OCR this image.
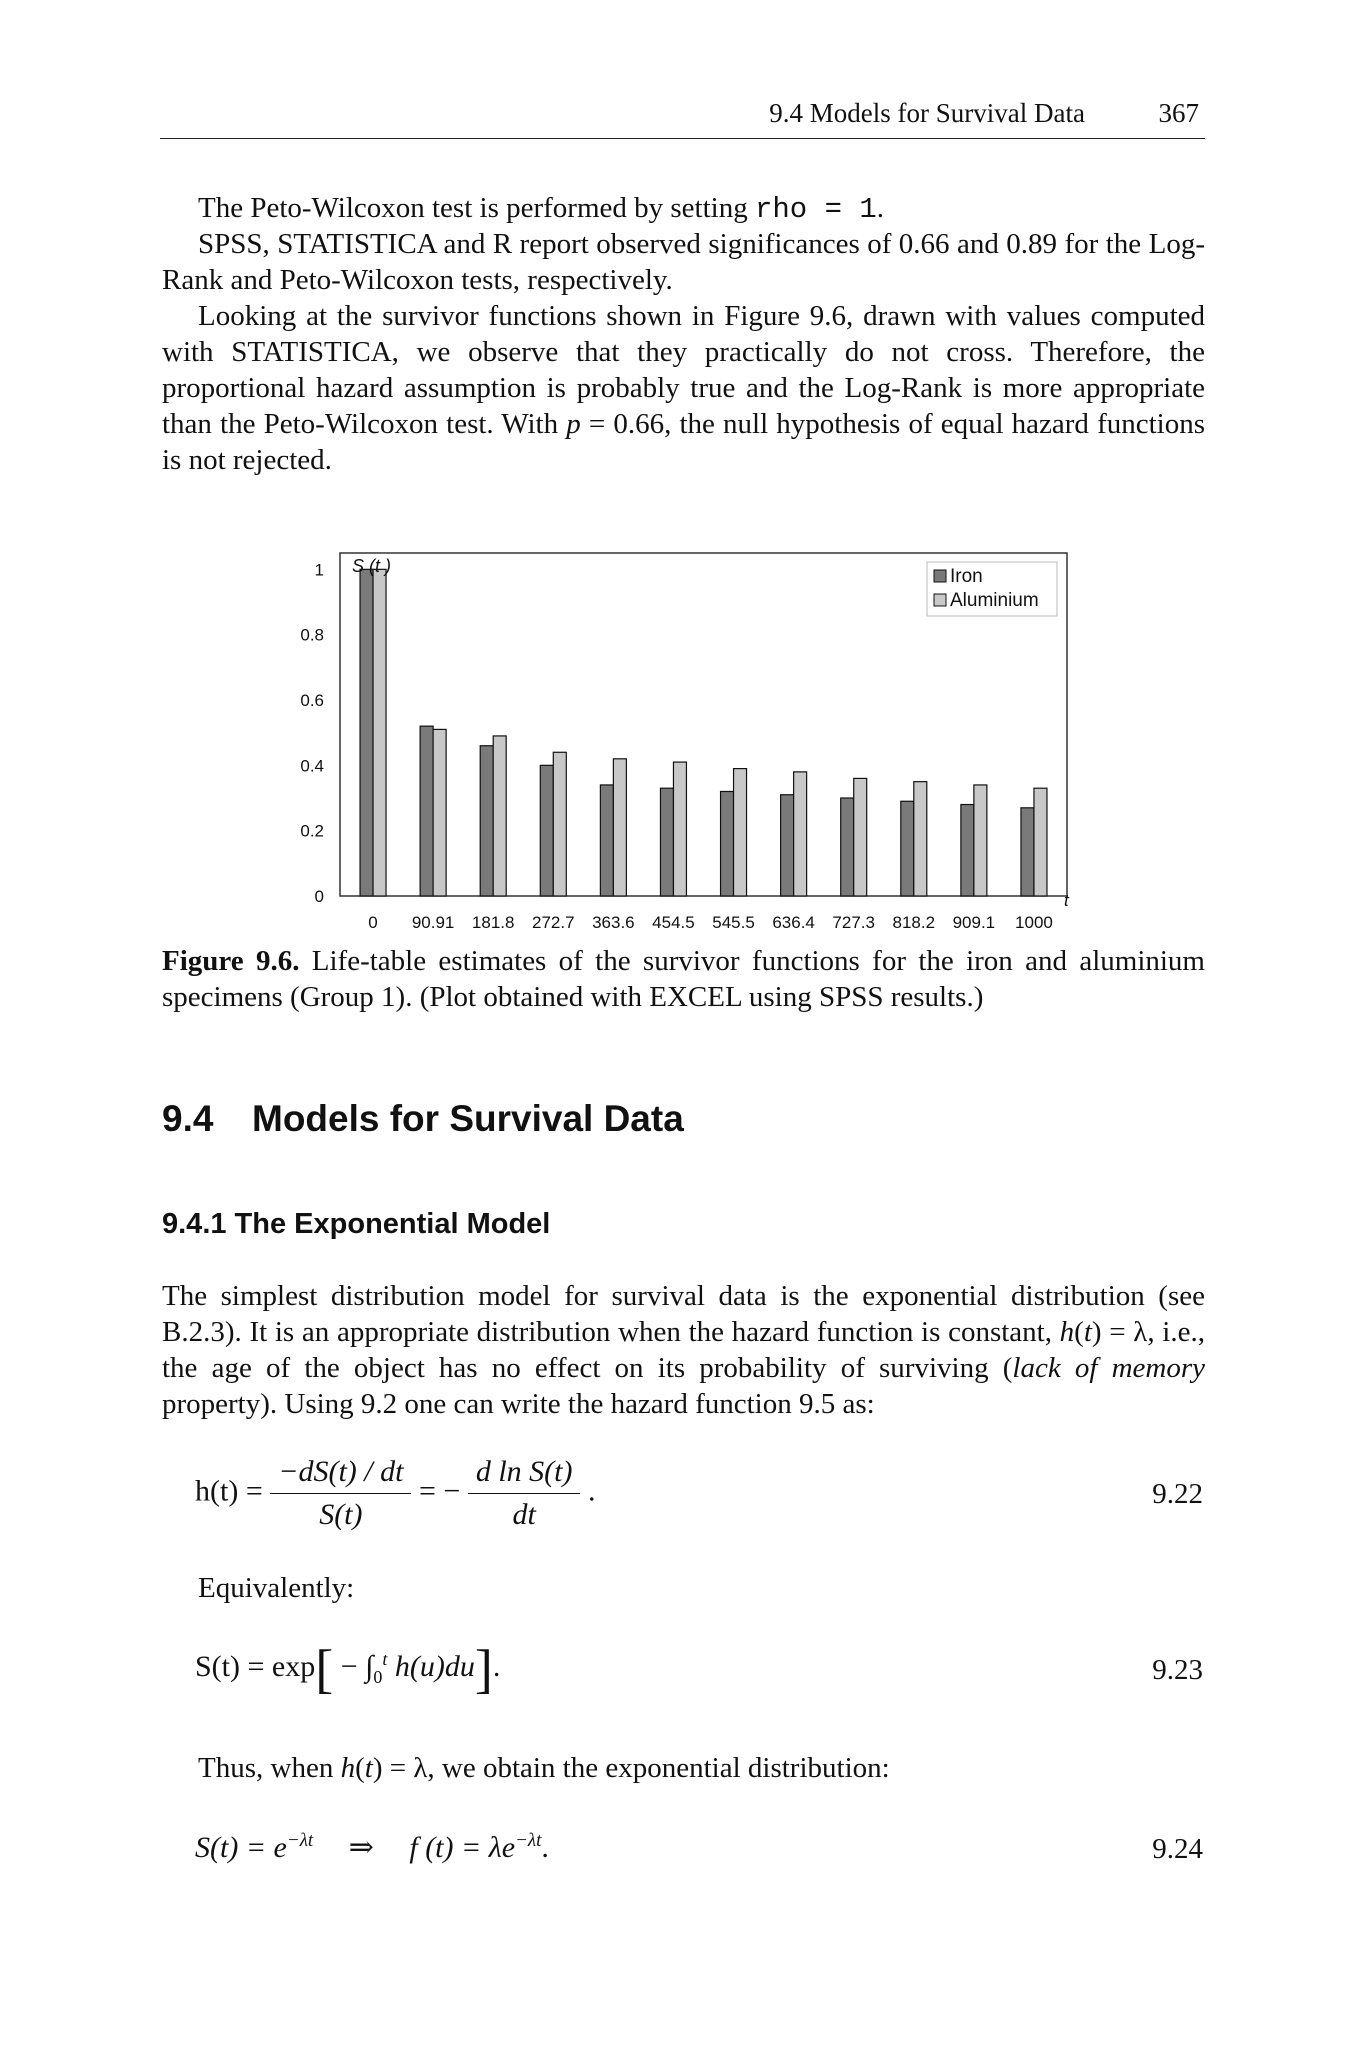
9.4 Models for Survival Data	367

The Peto-Wilcoxon test is performed by setting rho = 1.

SPSS, STATISTICA and R report observed significances of 0.66 and 0.89 for the Log-Rank and Peto-Wilcoxon tests, respectively.

Looking at the survivor functions shown in Figure 9.6, drawn with values computed with STATISTICA, we observe that they practically do not cross. Therefore, the proportional hazard assumption is probably true and the Log-Rank is more appropriate than the Peto-Wilcoxon test. With p = 0.66, the null hypothesis of equal hazard functions is not rejected.

0
0.2
0.4
0.6
0.8
1
0 90.91 181.8 272.7 363.6 454.5 545.5 636.4 727.3 818.2 909.1 1000
S (t )
t
Iron
Aluminium

Figure 9.6. Life-table estimates of the survivor functions for the iron and aluminium specimens (Group 1). (Plot obtained with EXCEL using SPSS results.)

9.4 Models for Survival Data
9.4.1 The Exponential Model

The simplest distribution model for survival data is the exponential distribution (see B.2.3). It is an appropriate distribution when the hazard function is constant, h(t) = λ, i.e., the age of the object has no effect on its probability of surviving (lack of memory property). Using 9.2 one can write the hazard function 9.5 as:

$h(t) = \frac{-dS(t) / dt}{S(t)}$ = − $\frac{\text{d ln S(t)}}{dt}$ .	9.22

Equivalently:

$S(t) = \exp[ - \int_0^t$ h(u)du].	9.23

Thus, when h(t) = λ, we obtain the exponential distribution:

$S(t) = e^{-\lambda t}$ ⇒ f $(t) = \lambda e^{-\lambda t}$.	9.24
